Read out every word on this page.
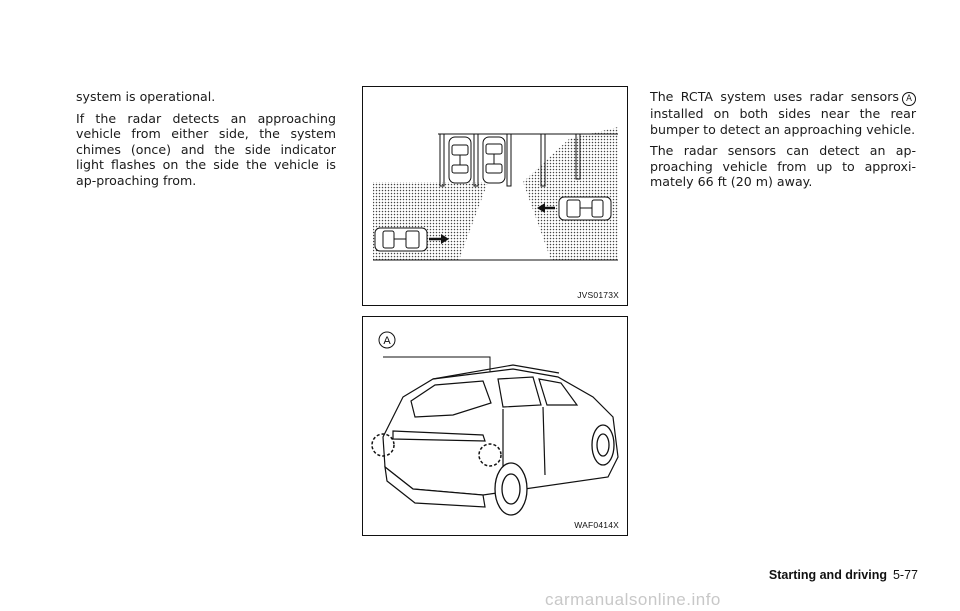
system is operational.

If the radar detects an approaching vehicle from either side, the system chimes (once) and the side indicator light flashes on the side the vehicle is ap-proaching from.

JVS0173X
A
WAF0414X

The RCTA system uses radar sensors A installed on both sides near the rear bumper to detect an approaching vehicle.

The radar sensors can detect an ap-proaching vehicle from up to approxi-mately 66 ft (20 m) away.

Starting and driving 5-77
carmanualsonline.info
